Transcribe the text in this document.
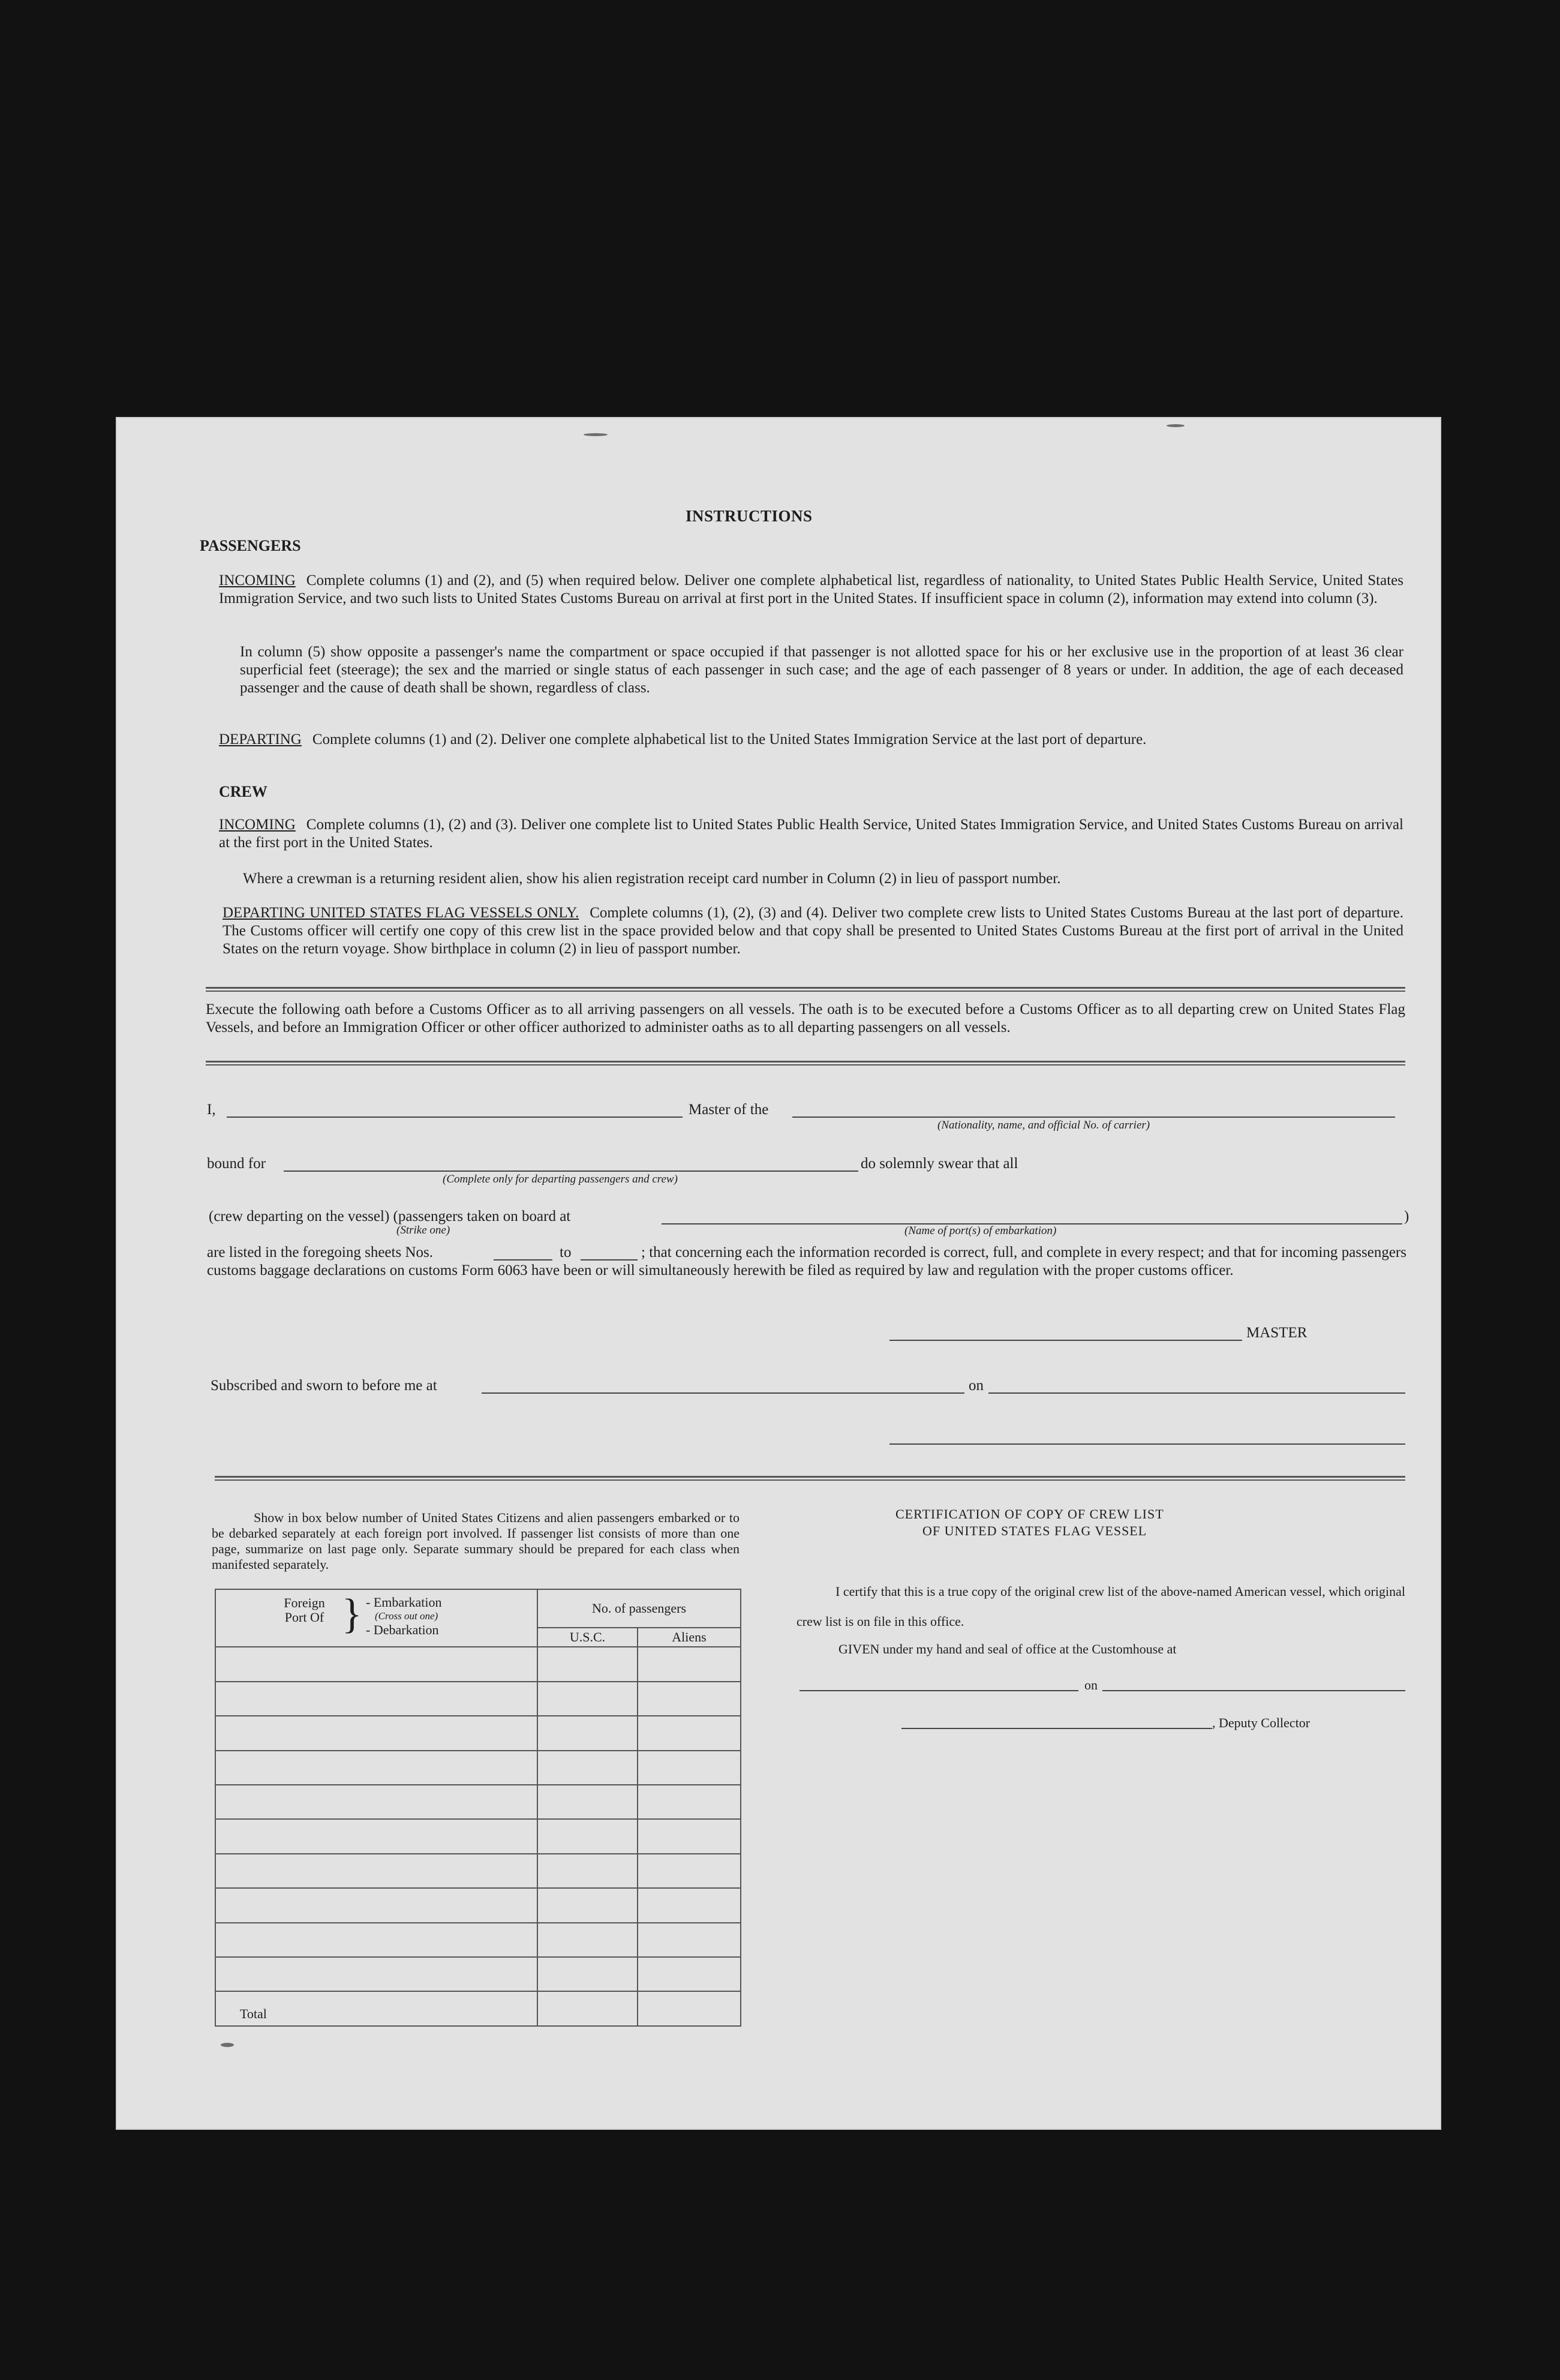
INSTRUCTIONS
PASSENGERS
INCOMING Complete columns (1) and (2), and (5) when required below. Deliver one complete alphabetical list, regardless of nationality, to United States Public Health Service, United States Immigration Service, and two such lists to United States Customs Bureau on arrival at first port in the United States. If insufficient space in column (2), information may extend into column (3).
In column (5) show opposite a passenger's name the compartment or space occupied if that passenger is not allotted space for his or her exclusive use in the proportion of at least 36 clear superficial feet (steerage); the sex and the married or single status of each passenger in such case; and the age of each passenger of 8 years or under. In addition, the age of each deceased passenger and the cause of death shall be shown, regardless of class.
DEPARTING Complete columns (1) and (2). Deliver one complete alphabetical list to the United States Immigration Service at the last port of departure.
CREW
INCOMING Complete columns (1), (2) and (3). Deliver one complete list to United States Public Health Service, United States Immigration Service, and United States Customs Bureau on arrival at the first port in the United States.
Where a crewman is a returning resident alien, show his alien registration receipt card number in Column (2) in lieu of passport number.
DEPARTING UNITED STATES FLAG VESSELS ONLY. Complete columns (1), (2), (3) and (4). Deliver two complete crew lists to United States Customs Bureau at the last port of departure. The Customs officer will certify one copy of this crew list in the space provided below and that copy shall be presented to United States Customs Bureau at the first port of arrival in the United States on the return voyage. Show birthplace in column (2) in lieu of passport number.
Execute the following oath before a Customs Officer as to all arriving passengers on all vessels. The oath is to be executed before a Customs Officer as to all departing crew on United States Flag Vessels, and before an Immigration Officer or other officer authorized to administer oaths as to all departing passengers on all vessels.
I,	Master of the
(Nationality, name, and official No. of carrier)
bound for
(Complete only for departing passengers and crew)
do solemnly swear that all
(crew departing on the vessel) (passengers taken on board at
(Strike one)	(Name of port(s) of embarkation)
)
are listed in the foregoing sheets Nos.	to	; that concerning each the information recorded is correct, full, and complete in every respect; and that for incoming passengers customs baggage declarations on customs Form 6063 have been or will simultaneously herewith be filed as required by law and regulation with the proper customs officer.
MASTER
Subscribed and sworn to before me at	on
Show in box below number of United States Citizens and alien passengers embarked or to be debarked separately at each foreign port involved. If passenger list consists of more than one page, summarize on last page only. Separate summary should be prepared for each class when manifested separately.
Foreign Port Of } - Embarkation
(Cross out one)
- Debarkation	No. of passengers	
	U.S.C.	Aliens

Total		
CERTIFICATION OF COPY OF CREW LIST
OF UNITED STATES FLAG VESSEL
I certify that this is a true copy of the original crew list of the above-named American vessel, which original crew list is on file in this office.
GIVEN under my hand and seal of office at the Customhouse at
on
, Deputy Collector
